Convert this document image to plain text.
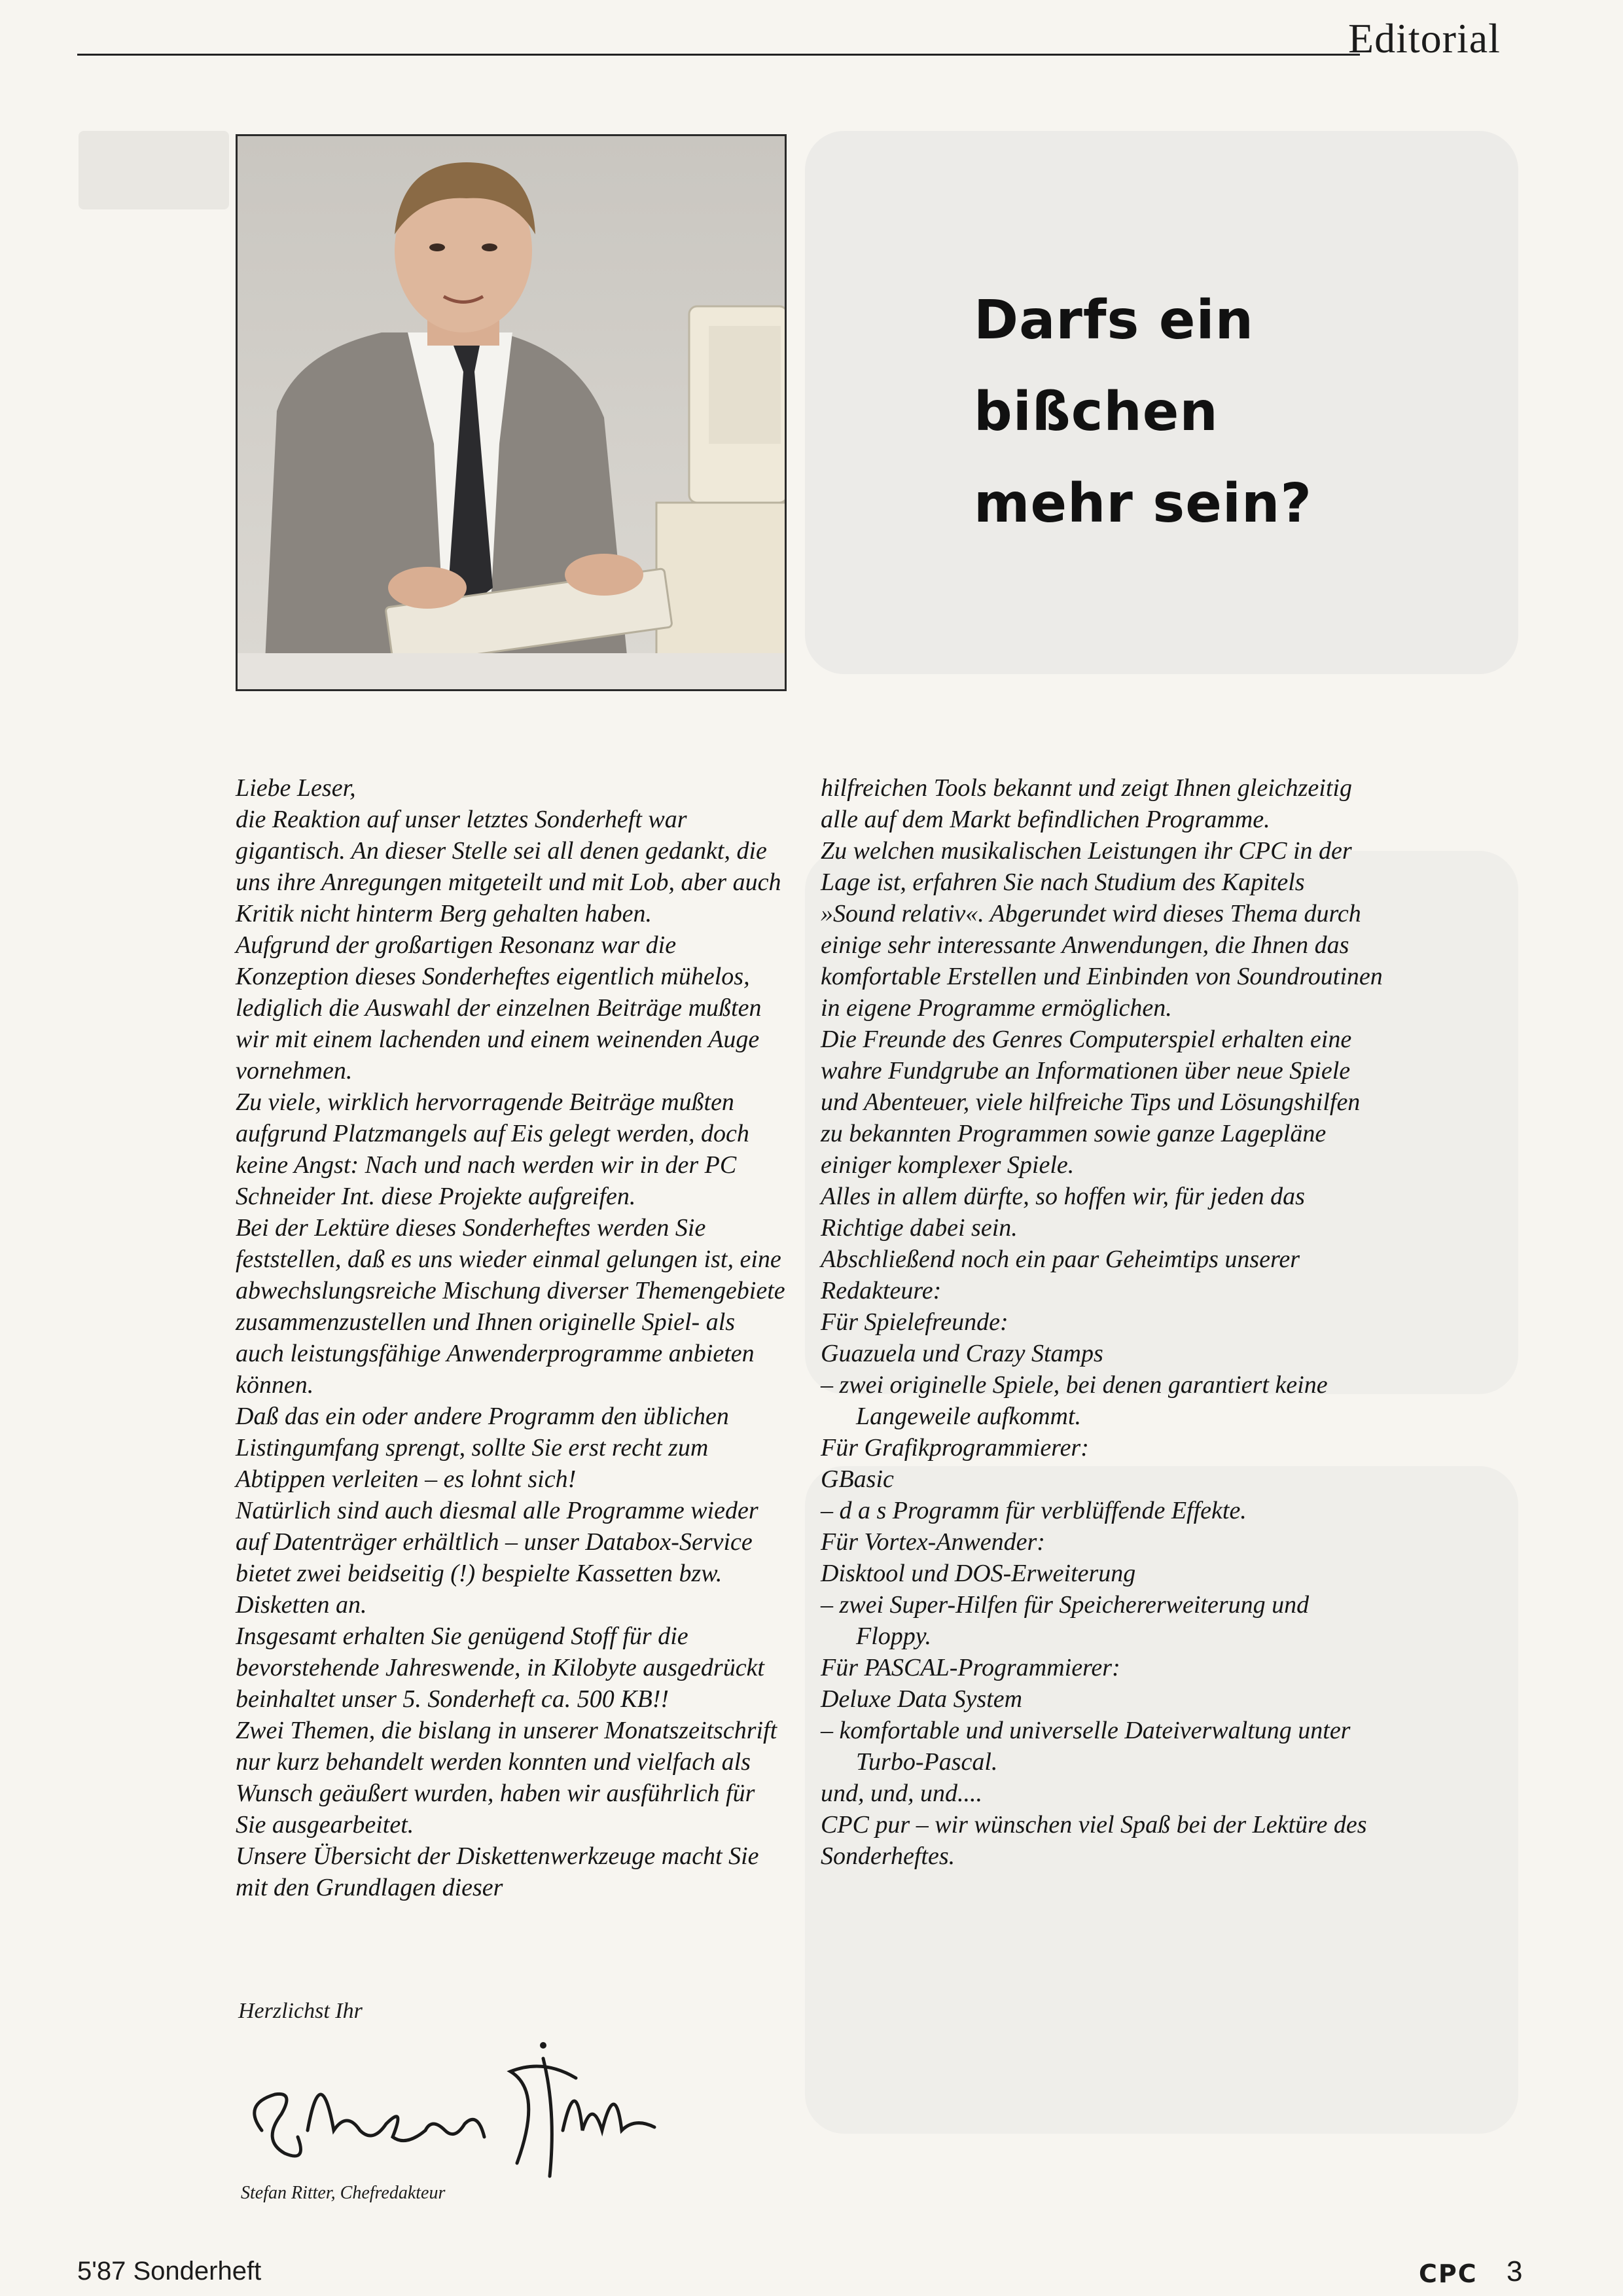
Editorial
Darfs ein
bißchen
mehr sein?

Liebe Leser,

die Reaktion auf unser letztes Sonderheft war gigantisch. An dieser Stelle sei all denen gedankt, die uns ihre Anregungen mitgeteilt und mit Lob, aber auch Kritik nicht hinterm Berg gehalten haben.

Aufgrund der großartigen Resonanz war die Konzeption dieses Sonderheftes eigentlich mühelos, lediglich die Auswahl der einzelnen Beiträge mußten wir mit einem lachenden und einem weinenden Auge vornehmen.

Zu viele, wirklich hervorragende Beiträge mußten aufgrund Platzmangels auf Eis gelegt werden, doch keine Angst: Nach und nach werden wir in der PC Schneider Int. diese Projekte aufgreifen.

Bei der Lektüre dieses Sonderheftes werden Sie feststellen, daß es uns wieder einmal gelungen ist, eine abwechslungsreiche Mischung diverser Themengebiete zusammenzustellen und Ihnen originelle Spiel- als auch leistungsfähige Anwenderprogramme anbieten können.

Daß das ein oder andere Programm den üblichen Listingumfang sprengt, sollte Sie erst recht zum Abtippen verleiten – es lohnt sich!

Natürlich sind auch diesmal alle Programme wieder auf Datenträger erhältlich – unser Databox-Service bietet zwei beidseitig (!) bespielte Kassetten bzw. Disketten an.

Insgesamt erhalten Sie genügend Stoff für die bevorstehende Jahreswende, in Kilobyte ausgedrückt beinhaltet unser 5. Sonderheft ca. 500 KB!!

Zwei Themen, die bislang in unserer Monatszeitschrift nur kurz behandelt werden konnten und vielfach als Wunsch geäußert wurden, haben wir ausführlich für Sie ausgearbeitet.

Unsere Übersicht der Diskettenwerkzeuge macht Sie mit den Grundlagen dieser

hilfreichen Tools bekannt und zeigt Ihnen gleichzeitig alle auf dem Markt befindlichen Programme.

Zu welchen musikalischen Leistungen ihr CPC in der Lage ist, erfahren Sie nach Studium des Kapitels »Sound relativ«. Abgerundet wird dieses Thema durch einige sehr interessante Anwendungen, die Ihnen das komfortable Erstellen und Einbinden von Soundroutinen in eigene Programme ermöglichen.

Die Freunde des Genres Computerspiel erhalten eine wahre Fundgrube an Informationen über neue Spiele und Abenteuer, viele hilfreiche Tips und Lösungshilfen zu bekannten Programmen sowie ganze Lagepläne einiger komplexer Spiele.

Alles in allem dürfte, so hoffen wir, für jeden das Richtige dabei sein.

Abschließend noch ein paar Geheimtips unserer Redakteure:

Für Spielefreunde:

Guazuela und Crazy Stamps

– zwei originelle Spiele, bei denen garantiert keine Langeweile aufkommt.

Für Grafikprogrammierer:

GBasic

– d a s Programm für verblüffende Effekte.

Für Vortex-Anwender:

Disktool und DOS-Erweiterung

– zwei Super-Hilfen für Speichererweiterung und Floppy.

Für PASCAL-Programmierer:

Deluxe Data System

– komfortable und universelle Dateiverwaltung unter Turbo-Pascal.

und, und, und....

CPC pur – wir wünschen viel Spaß bei der Lektüre des Sonderheftes.

Herzlichst Ihr
Stefan Ritter, Chefredakteur
5'87 Sonderheft	CPC 3
